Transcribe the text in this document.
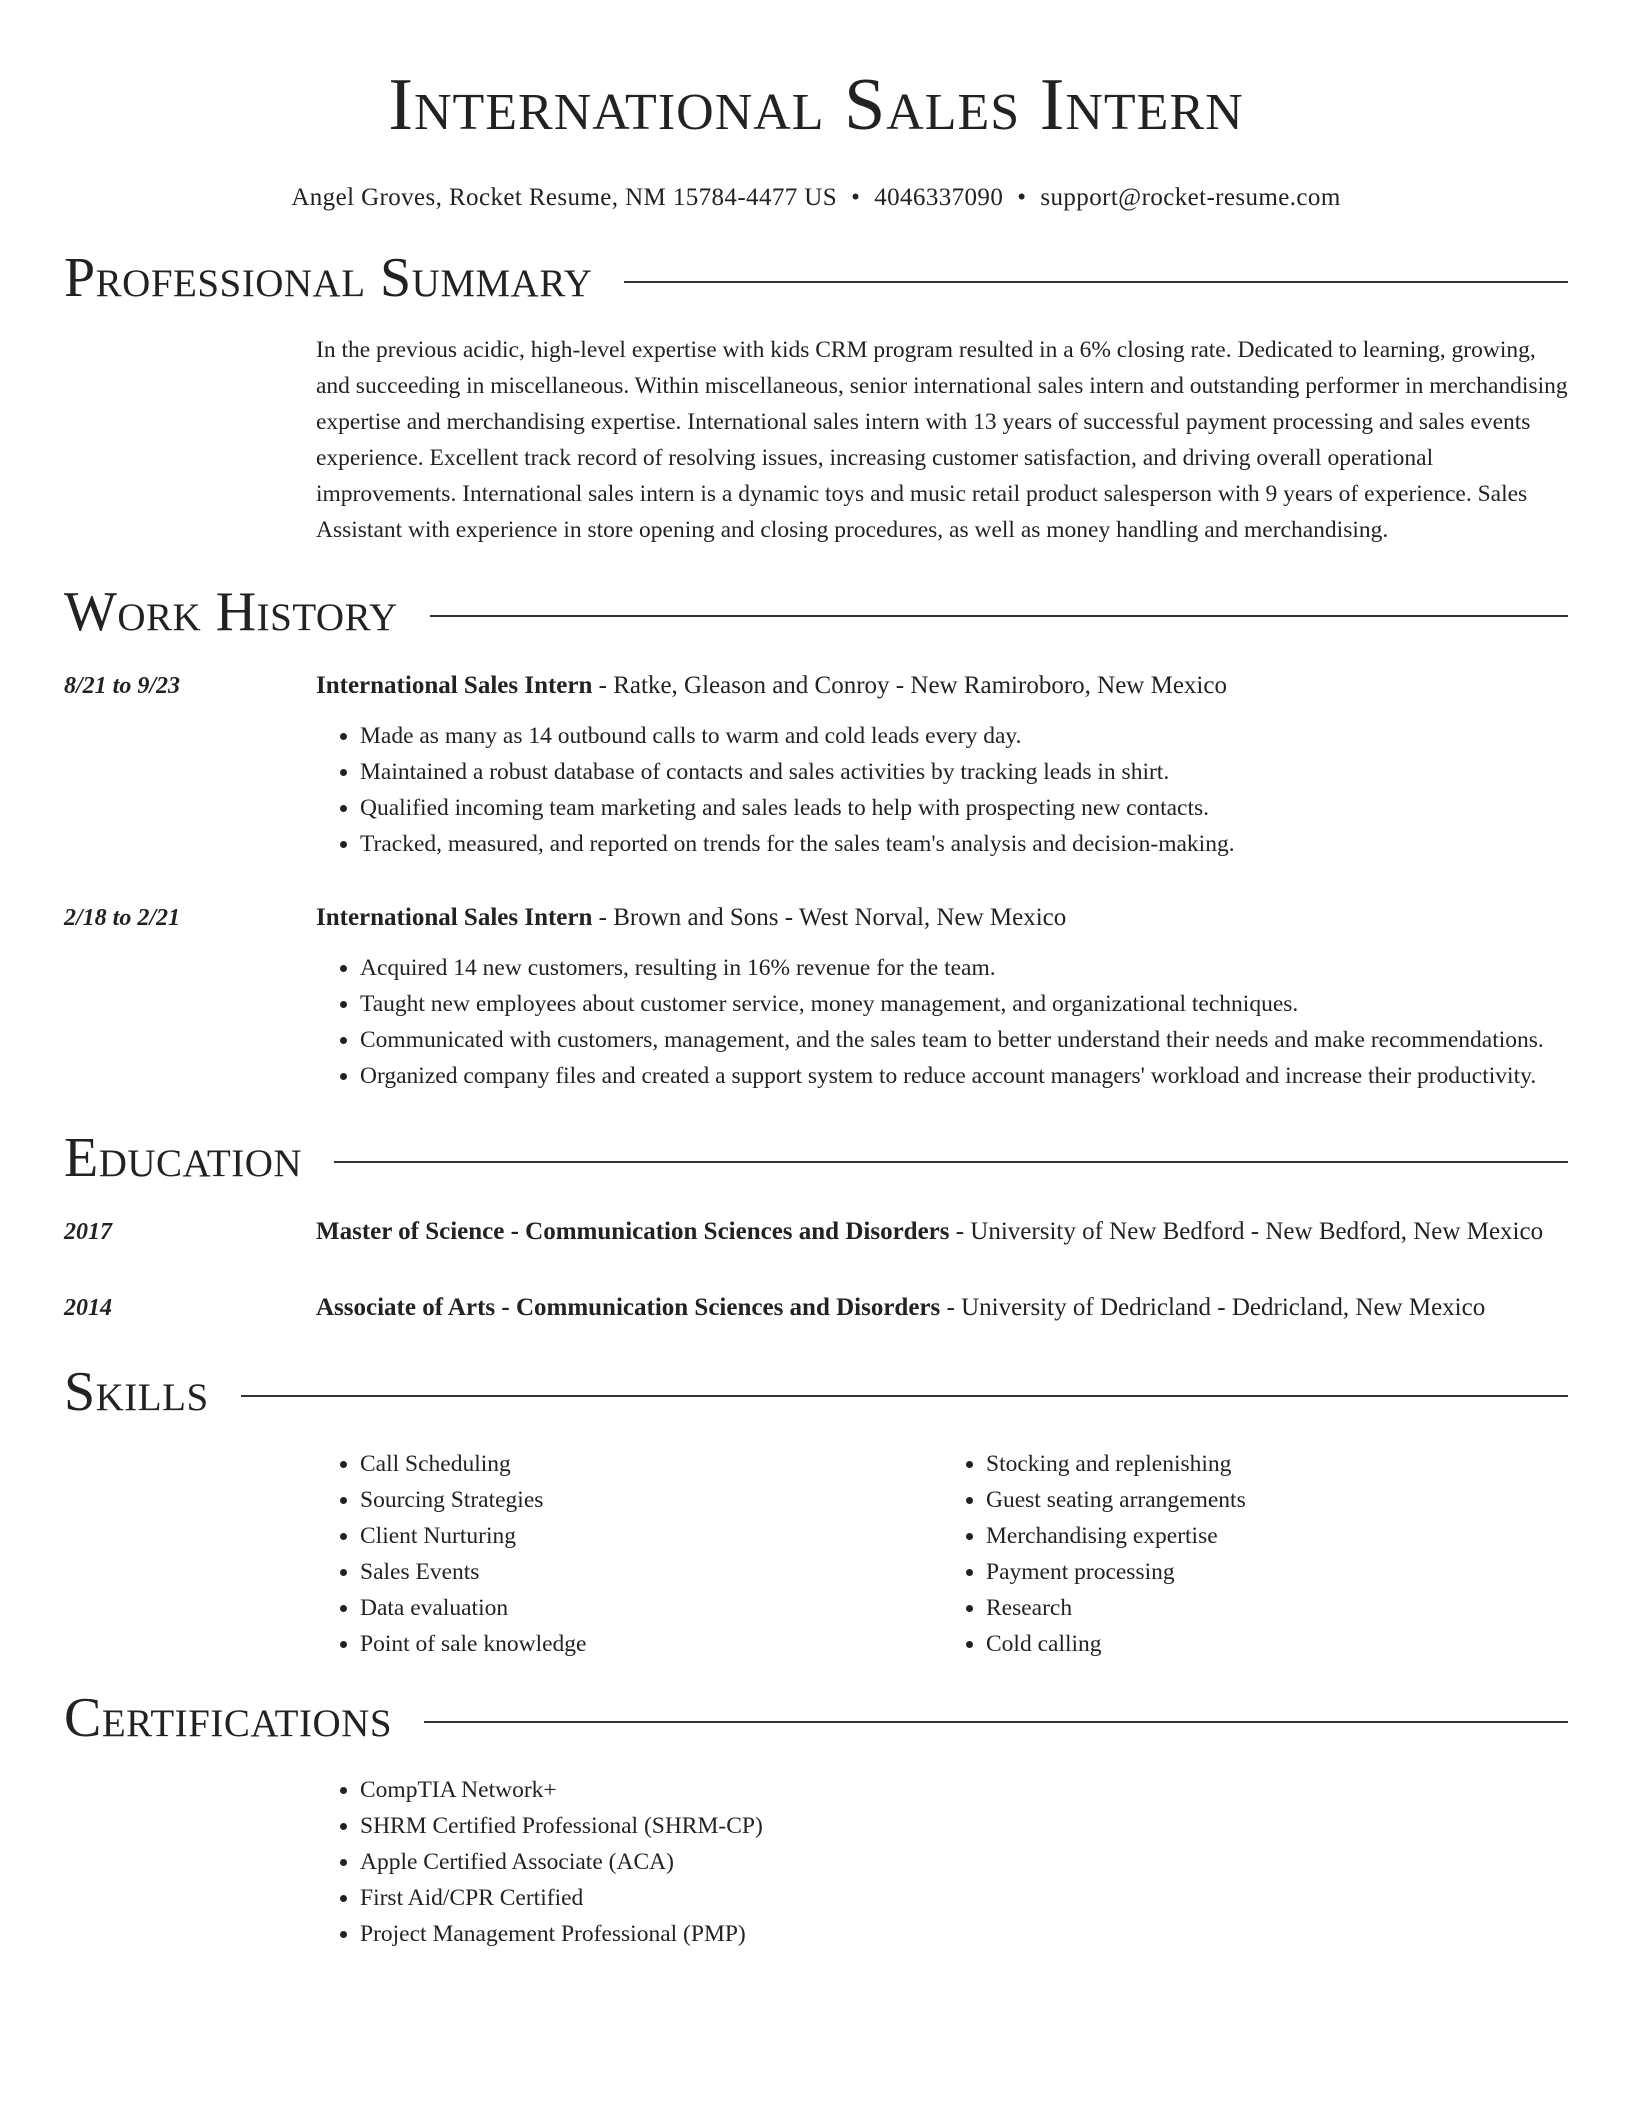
International Sales Intern
Angel Groves, Rocket Resume, NM 15784-4477 US • 4046337090 • support@rocket-resume.com
Professional Summary
In the previous acidic, high-level expertise with kids CRM program resulted in a 6% closing rate. Dedicated to learning, growing, and succeeding in miscellaneous. Within miscellaneous, senior international sales intern and outstanding performer in merchandising expertise and merchandising expertise. International sales intern with 13 years of successful payment processing and sales events experience. Excellent track record of resolving issues, increasing customer satisfaction, and driving overall operational improvements. International sales intern is a dynamic toys and music retail product salesperson with 9 years of experience. Sales Assistant with experience in store opening and closing procedures, as well as money handling and merchandising.
Work History
8/21 to 9/23	International Sales Intern - Ratke, Gleason and Conroy - New Ramiroboro, New Mexico
• Made as many as 14 outbound calls to warm and cold leads every day.
• Maintained a robust database of contacts and sales activities by tracking leads in shirt.
• Qualified incoming team marketing and sales leads to help with prospecting new contacts.
• Tracked, measured, and reported on trends for the sales team's analysis and decision-making.
2/18 to 2/21	International Sales Intern - Brown and Sons - West Norval, New Mexico
• Acquired 14 new customers, resulting in 16% revenue for the team.
• Taught new employees about customer service, money management, and organizational techniques.
• Communicated with customers, management, and the sales team to better understand their needs and make recommendations.
• Organized company files and created a support system to reduce account managers' workload and increase their productivity.
Education
2017	Master of Science - Communication Sciences and Disorders - University of New Bedford - New Bedford, New Mexico
2014	Associate of Arts - Communication Sciences and Disorders - University of Dedricland - Dedricland, New Mexico
Skills
• Call Scheduling
• Sourcing Strategies
• Client Nurturing
• Sales Events
• Data evaluation
• Point of sale knowledge
• Stocking and replenishing
• Guest seating arrangements
• Merchandising expertise
• Payment processing
• Research
• Cold calling
Certifications
• CompTIA Network+
• SHRM Certified Professional (SHRM-CP)
• Apple Certified Associate (ACA)
• First Aid/CPR Certified
• Project Management Professional (PMP)
